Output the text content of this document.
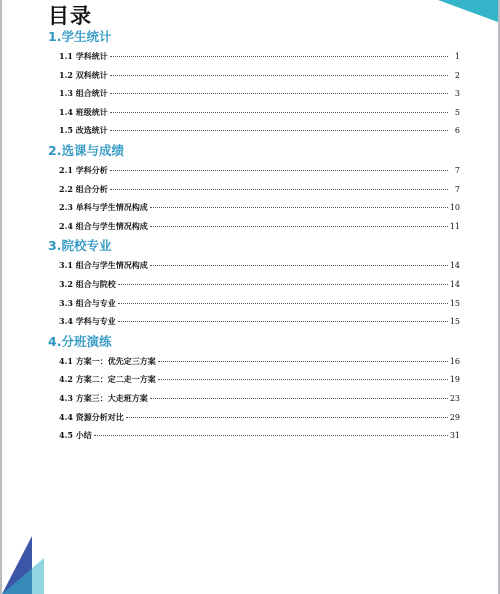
目录
1.学生统计
1.1 学科统计	1
1.2 双科统计	2
1.3 组合统计	3
1.4 班级统计	5
1.5 改选统计	6
2.选课与成绩
2.1 学科分析	7
2.2 组合分析	7
2.3 单科与学生情况构成	10
2.4 组合与学生情况构成	11
3.院校专业
3.1 组合与学生情况构成	14
3.2 组合与院校	14
3.3 组合与专业	15
3.4 学科与专业	15
4.分班演练
4.1 方案一：优先定三方案	16
4.2 方案二：定二走一方案	19
4.3 方案三：大走班方案	23
4.4 资源分析对比	29
4.5 小结	31
